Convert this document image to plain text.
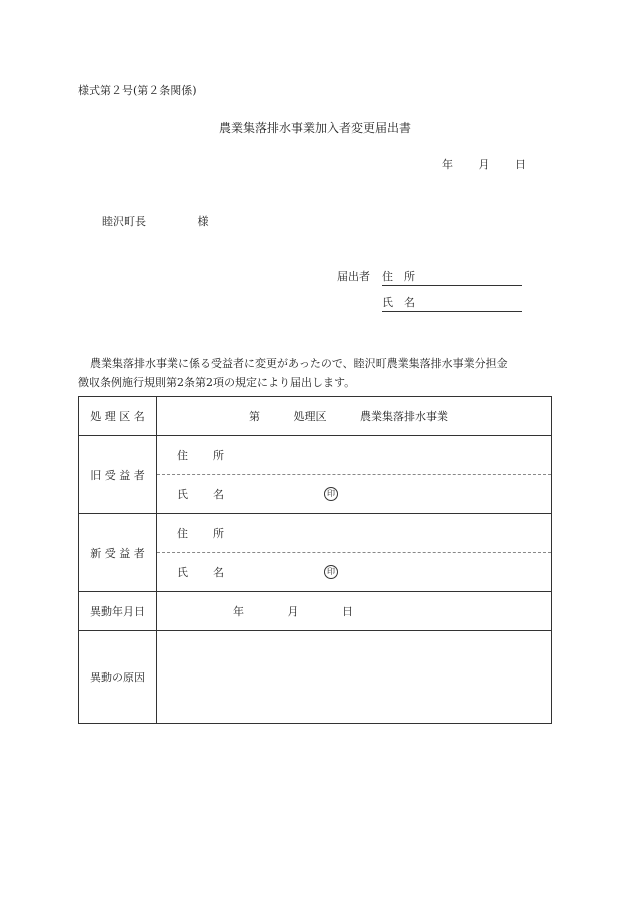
様式第２号(第２条関係)
農業集落排水事業加入者変更届出書
年 月 日
睦沢町長	様
届出者 住　所
氏　名
農業集落排水事業に係る受益者に変更があったので、睦沢町農業集落排水事業分担金
徴収条例施行規則第2条第2項の規定により届出します。
処 理 区 名	第 処理区 農業集落排水事業
旧 受 益 者	住 所
氏 名 印

新 受 益 者	住 所
氏 名 印

異動年月日	年 月 日
異動の原因	
